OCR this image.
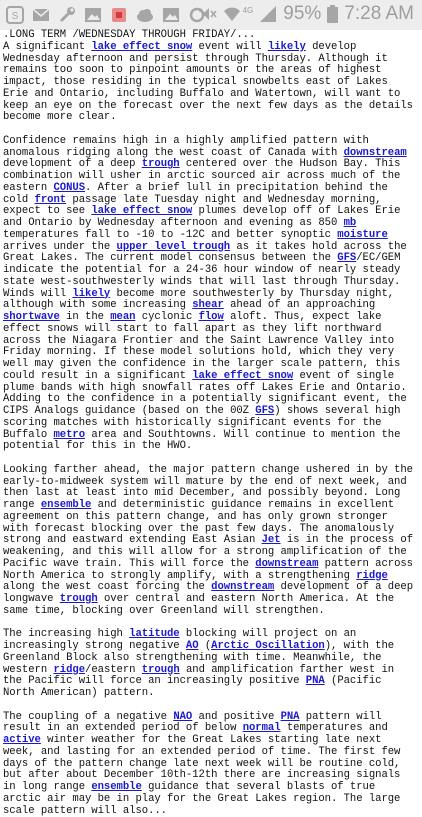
S
4G 95% 7:28 AM
.LONG TERM /WEDNESDAY THROUGH FRIDAY/...
A significant lake effect snow event will likely develop Wednesday afternoon and persist through Thursday. Although it remains too soon to pinpoint amounts or the areas of highest impact, those residing in the typical snowbelts east of Lakes Erie and Ontario, including Buffalo and Watertown, will want to keep an eye on the forecast over the next few days as the details become more clear.
Confidence remains high in a highly amplified pattern with anomalous ridging along the west coast of Canada with downstream development of a deep trough centered over the Hudson Bay. This combination will usher in arctic sourced air across much of the eastern CONUS. After a brief lull in precipitation behind the cold front passage late Tuesday night and Wednesday morning, expect to see lake effect snow plumes develop off of Lakes Erie and Ontario by Wednesday afternoon and evening as 850 mb temperatures fall to -10 to -12C and better synoptic moisture arrives under the upper level trough as it takes hold across the Great Lakes. The current model consensus between the GFS/EC/GEM indicate the potential for a 24-36 hour window of nearly steady state west-southwesterly winds that will last through Thursday. Winds will likely become more southwesterly by Thursday night, although with some increasing shear ahead of an approaching shortwave in the mean cyclonic flow aloft. Thus, expect lake effect snows will start to fall apart as they lift northward across the Niagara Frontier and the Saint Lawrence Valley into Friday morning. If these model solutions hold, which they very well may given the confidence in the larger scale pattern, this could result in a significant lake effect snow event of single plume bands with high snowfall rates off Lakes Erie and Ontario. Adding to the confidence in a potentially significant event, the CIPS Analogs guidance (based on the 00Z GFS) shows several high scoring matches with historically significant events for the Buffalo metro area and Southtowns. Will continue to mention the potential for this in the HWO.
Looking farther ahead, the major pattern change ushered in by the early-to-midweek system will mature by the end of next week, and then last at least into mid December, and possibly beyond. Long range ensemble and deterministic guidance remains in excellent agreement on this pattern change, and has only grown stronger with forecast blocking over the past few days. The anomalously strong and eastward extending East Asian Jet is in the process of weakening, and this will allow for a strong amplification of the Pacific wave train. This will force the downstream pattern across North America to strongly amplify, with a strengthening ridge along the west coast forcing the downstream development of a deep longwave trough over central and eastern North America. At the same time, blocking over Greenland will strengthen.
The increasing high latitude blocking will project on an increasingly strong negative AO (Arctic Oscillation), with the Greenland Block also strengthening with time. Meanwhile, the western ridge/eastern trough and amplification farther west in the Pacific will force an increasingly positive PNA (Pacific North American) pattern.
The coupling of a negative NAO and positive PNA pattern will result in an extended period of below normal temperatures and active winter weather for the Great Lakes starting late next week, and lasting for an extended period of time. The first few days of the pattern change late next week will be routine cold, but after about December 10th-12th there are increasing signals in long range ensemble guidance that several blasts of true arctic air may be in play for the Great Lakes region. The large scale pattern will also...
